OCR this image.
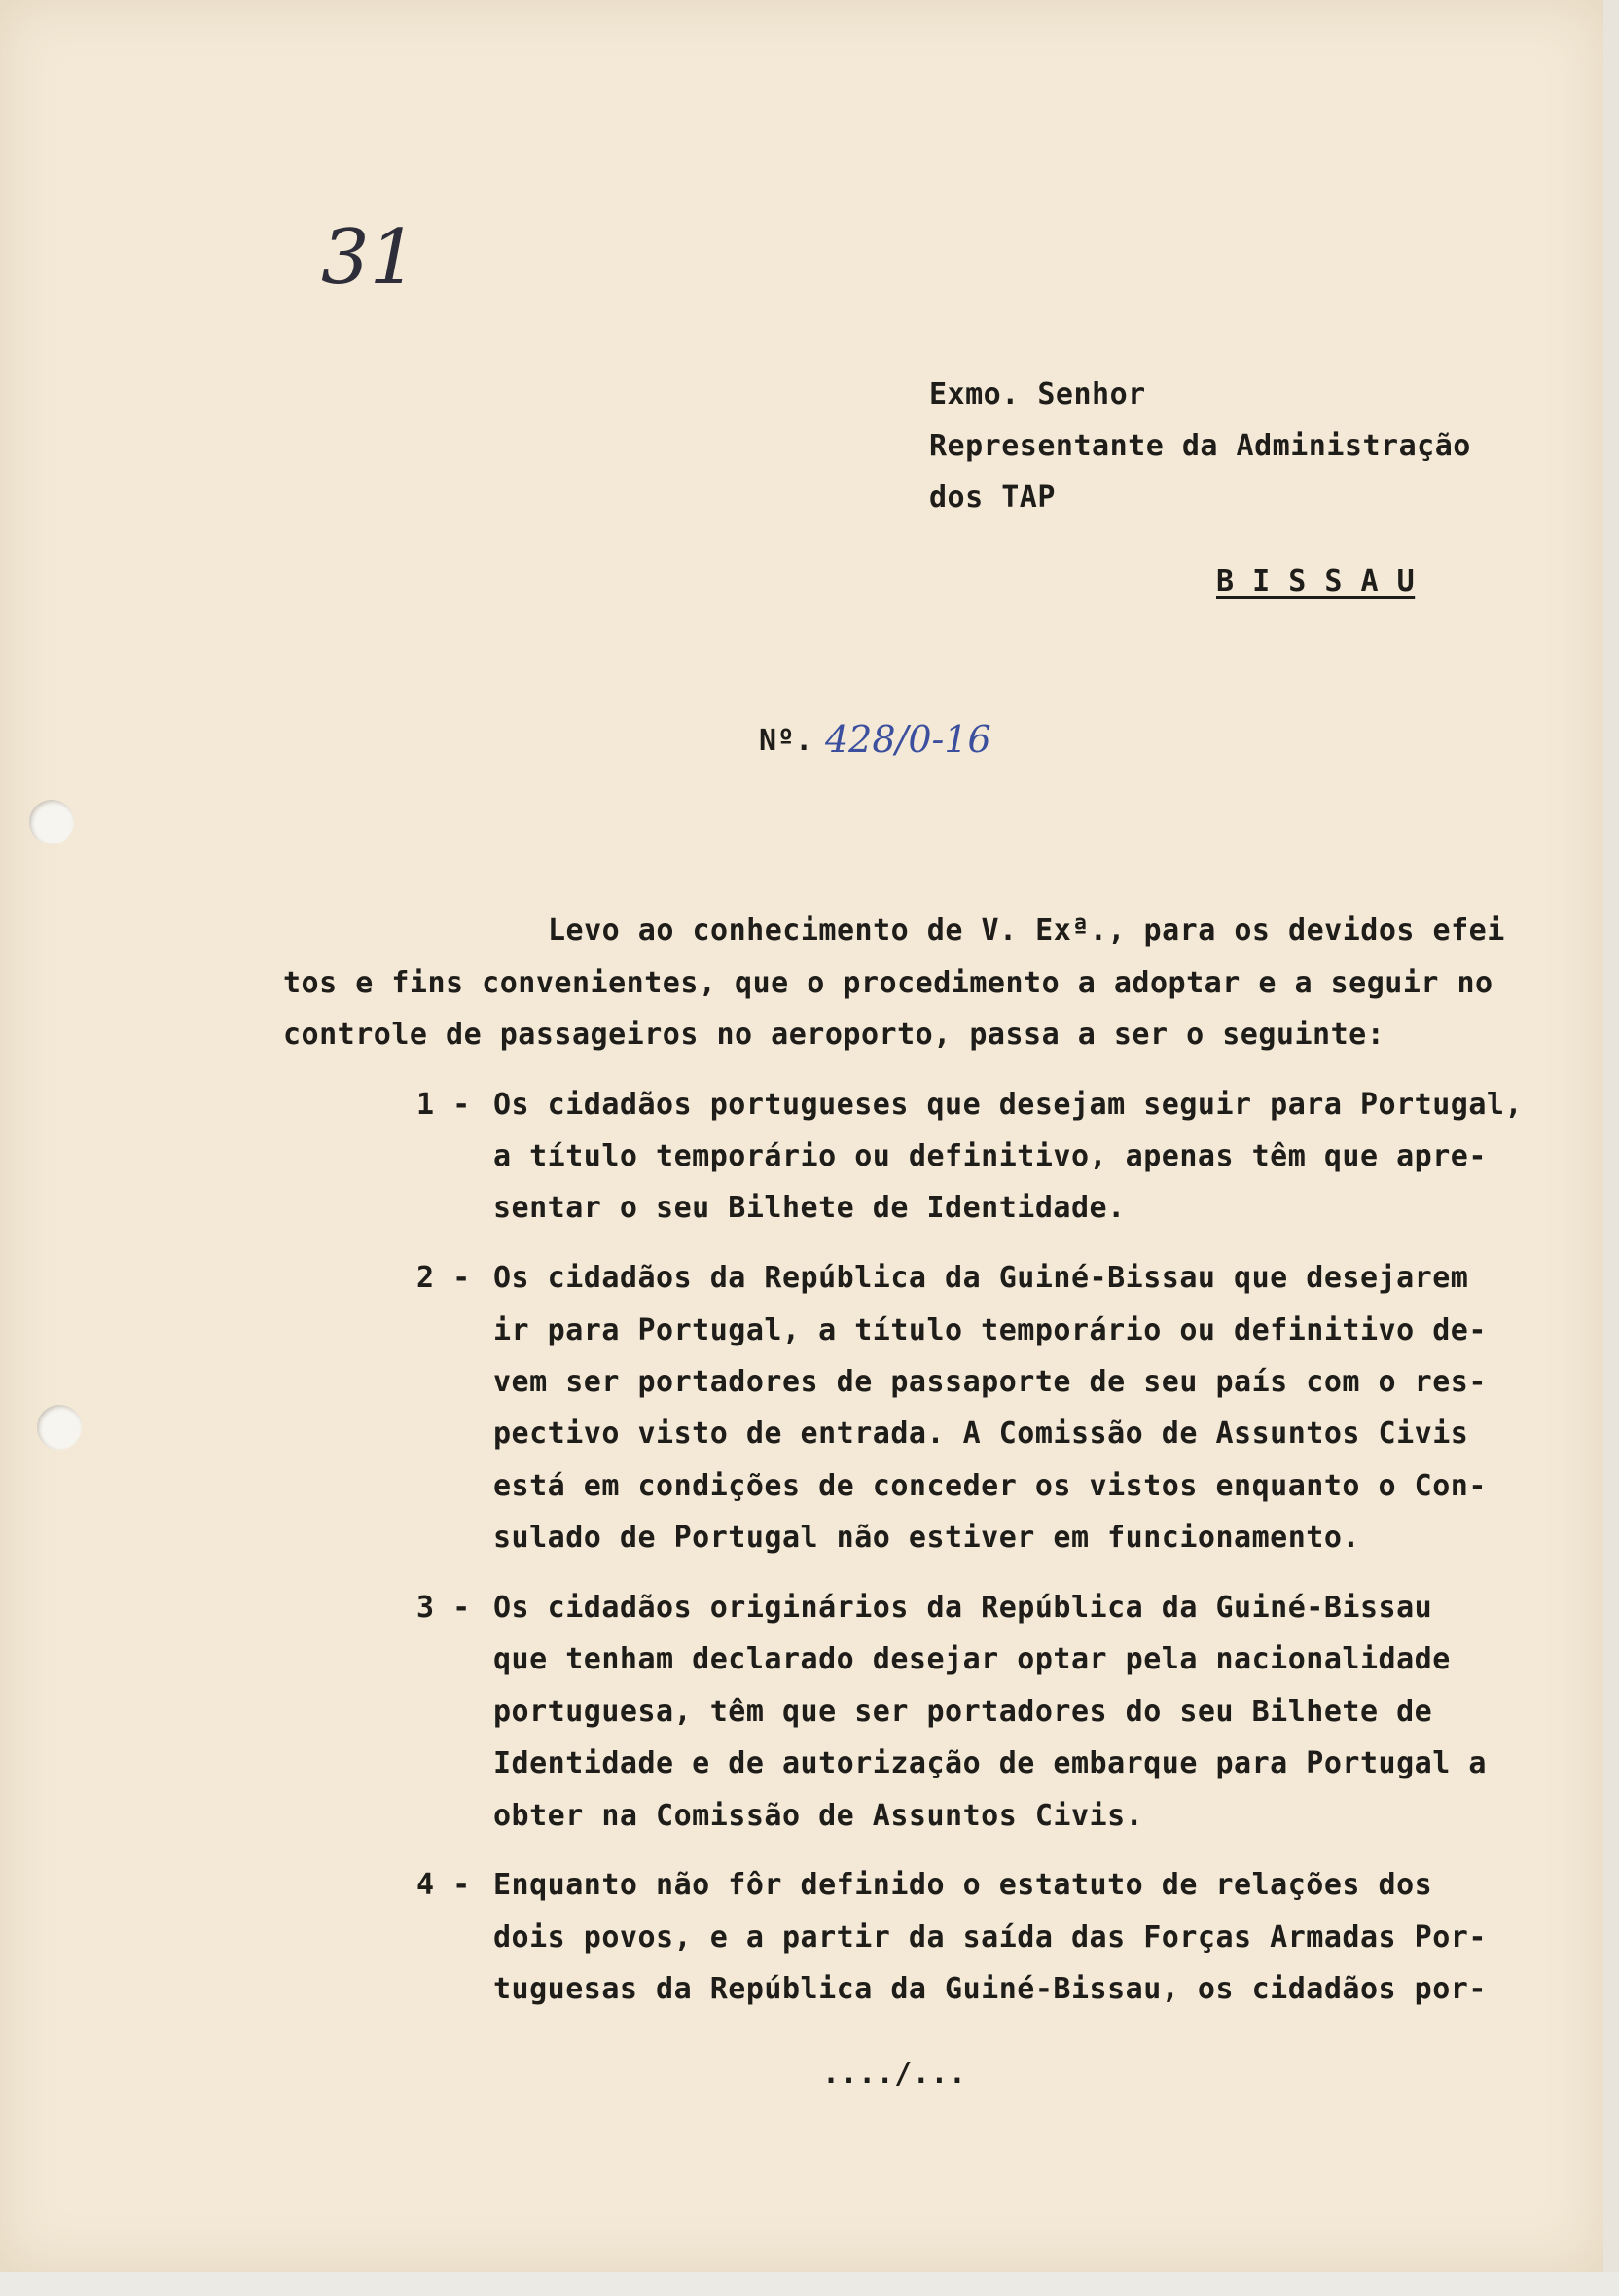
31
Exmo. Senhor
Representante da Administração
dos TAP
B I S S A U
Nº. 428/0-16
Levo ao conhecimento de V. Exª., para os devidos efei
tos e fins convenientes, que o procedimento a adoptar e a seguir no
controle de passageiros no aeroporto, passa a ser o seguinte:
1 - Os cidadãos portugueses que desejam seguir para Portugal,
a título temporário ou definitivo, apenas têm que apre-
sentar o seu Bilhete de Identidade.
2 - Os cidadãos da República da Guiné-Bissau que desejarem
ir para Portugal, a título temporário ou definitivo de-
vem ser portadores de passaporte de seu país com o res-
pectivo visto de entrada. A Comissão de Assuntos Civis
está em condições de conceder os vistos enquanto o Con-
sulado de Portugal não estiver em funcionamento.
3 - Os cidadãos originários da República da Guiné-Bissau
que tenham declarado desejar optar pela nacionalidade
portuguesa, têm que ser portadores do seu Bilhete de
Identidade e de autorização de embarque para Portugal a
obter na Comissão de Assuntos Civis.
4 - Enquanto não fôr definido o estatuto de relações dos
dois povos, e a partir da saída das Forças Armadas Por-
tuguesas da República da Guiné-Bissau, os cidadãos por-
..../...
